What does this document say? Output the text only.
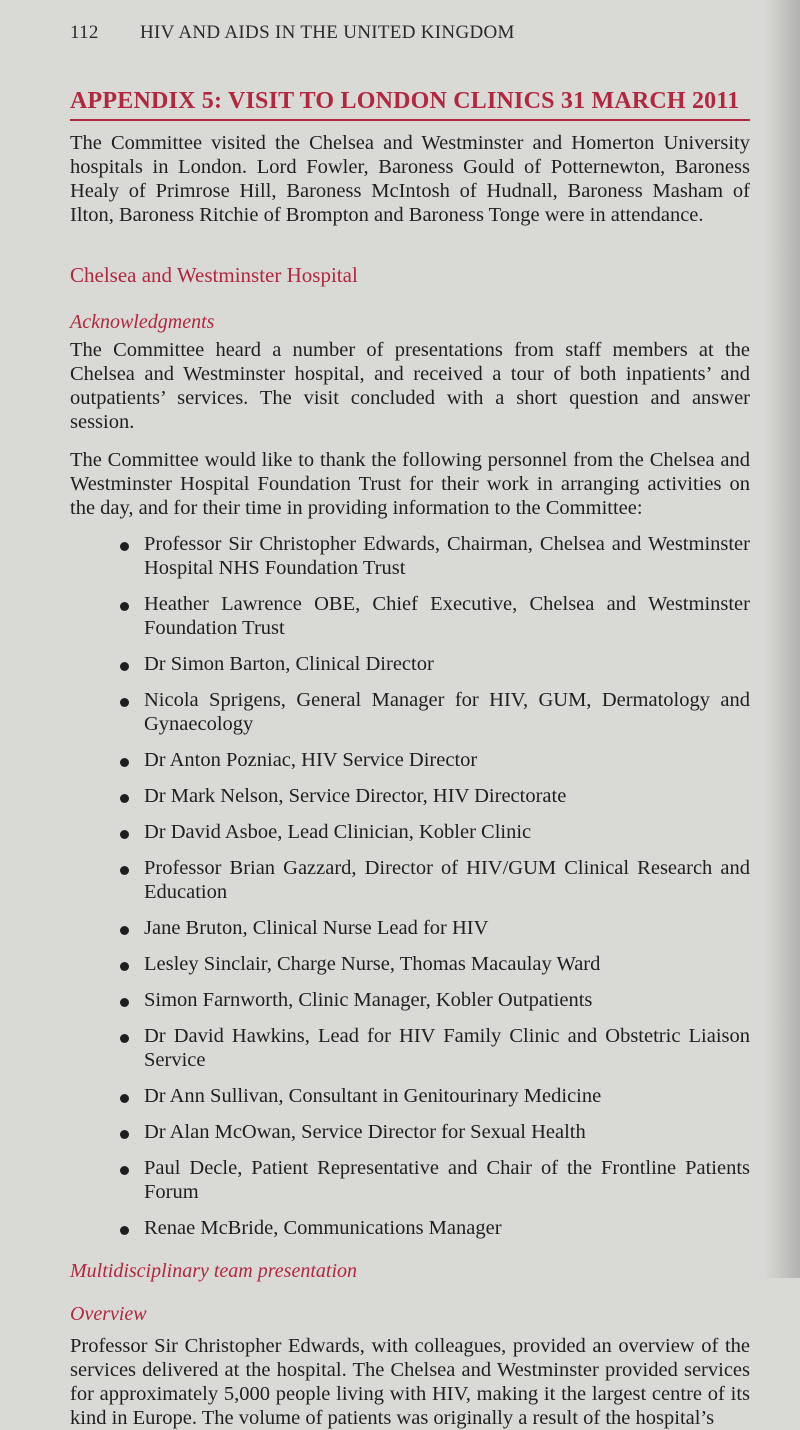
112 HIV AND AIDS IN THE UNITED KINGDOM
APPENDIX 5: VISIT TO LONDON CLINICS 31 MARCH 2011

The Committee visited the Chelsea and Westminster and Homerton University hospitals in London. Lord Fowler, Baroness Gould of Potternewton, Baroness Healy of Primrose Hill, Baroness McIntosh of Hudnall, Baroness Masham of Ilton, Baroness Ritchie of Brompton and Baroness Tonge were in attendance.

Chelsea and Westminster Hospital
Acknowledgments

The Committee heard a number of presentations from staff members at the Chelsea and Westminster hospital, and received a tour of both inpatients’ and outpatients’ services. The visit concluded with a short question and answer session.

The Committee would like to thank the following personnel from the Chelsea and Westminster Hospital Foundation Trust for their work in arranging activities on the day, and for their time in providing information to the Committee:

Professor Sir Christopher Edwards, Chairman, Chelsea and Westminster Hospital NHS Foundation Trust
Heather Lawrence OBE, Chief Executive, Chelsea and Westminster Foundation Trust
Dr Simon Barton, Clinical Director
Nicola Sprigens, General Manager for HIV, GUM, Dermatology and Gynaecology
Dr Anton Pozniac, HIV Service Director
Dr Mark Nelson, Service Director, HIV Directorate
Dr David Asboe, Lead Clinician, Kobler Clinic
Professor Brian Gazzard, Director of HIV/GUM Clinical Research and Education
Jane Bruton, Clinical Nurse Lead for HIV
Lesley Sinclair, Charge Nurse, Thomas Macaulay Ward
Simon Farnworth, Clinic Manager, Kobler Outpatients
Dr David Hawkins, Lead for HIV Family Clinic and Obstetric Liaison Service
Dr Ann Sullivan, Consultant in Genitourinary Medicine
Dr Alan McOwan, Service Director for Sexual Health
Paul Decle, Patient Representative and Chair of the Frontline Patients Forum
Renae McBride, Communications Manager
Multidisciplinary team presentation
Overview

Professor Sir Christopher Edwards, with colleagues, provided an overview of the services delivered at the hospital. The Chelsea and Westminster provided services for approximately 5,000 people living with HIV, making it the largest centre of its kind in Europe. The volume of patients was originally a result of the hospital’s
